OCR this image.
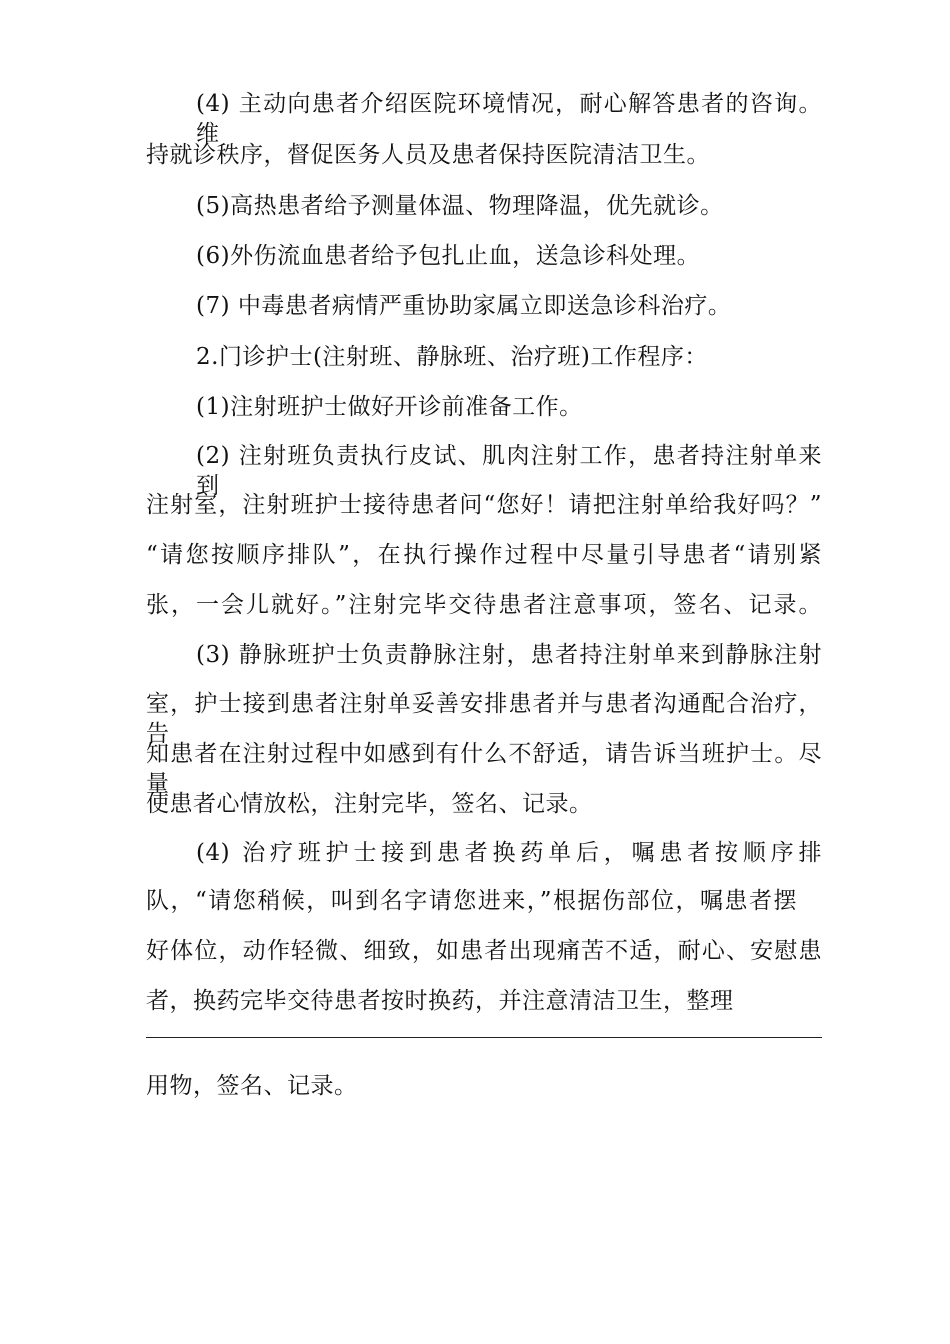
(4) 主动向患者介绍医院环境情况，耐心解答患者的咨询。维
持就诊秩序，督促医务人员及患者保持医院清洁卫生。
(5)高热患者给予测量体温、物理降温，优先就诊。
(6)外伤流血患者给予包扎止血，送急诊科处理。
(7) 中毒患者病情严重协助家属立即送急诊科治疗。
2.门诊护士(注射班、静脉班、治疗班)工作程序：
(1)注射班护士做好开诊前准备工作。
(2) 注射班负责执行皮试、肌肉注射工作，患者持注射单来到
注射室，注射班护士接待患者问“您好！请把注射单给我好吗？”
“请您按顺序排队”，在执行操作过程中尽量引导患者“请别紧
张，一会儿就好。”注射完毕交待患者注意事项，签名、记录。
(3) 静脉班护士负责静脉注射，患者持注射单来到静脉注射
室，护士接到患者注射单妥善安排患者并与患者沟通配合治疗，告
知患者在注射过程中如感到有什么不舒适，请告诉当班护士。尽量
使患者心情放松，注射完毕，签名、记录。
(4) 治疗班护士接到患者换药单后，嘱患者按顺序排
队，“请您稍候，叫到名字请您进来，”根据伤部位，嘱患者摆
好体位，动作轻微、细致，如患者出现痛苦不适，耐心、安慰患
者，换药完毕交待患者按时换药，并注意清洁卫生，整理
用物，签名、记录。
